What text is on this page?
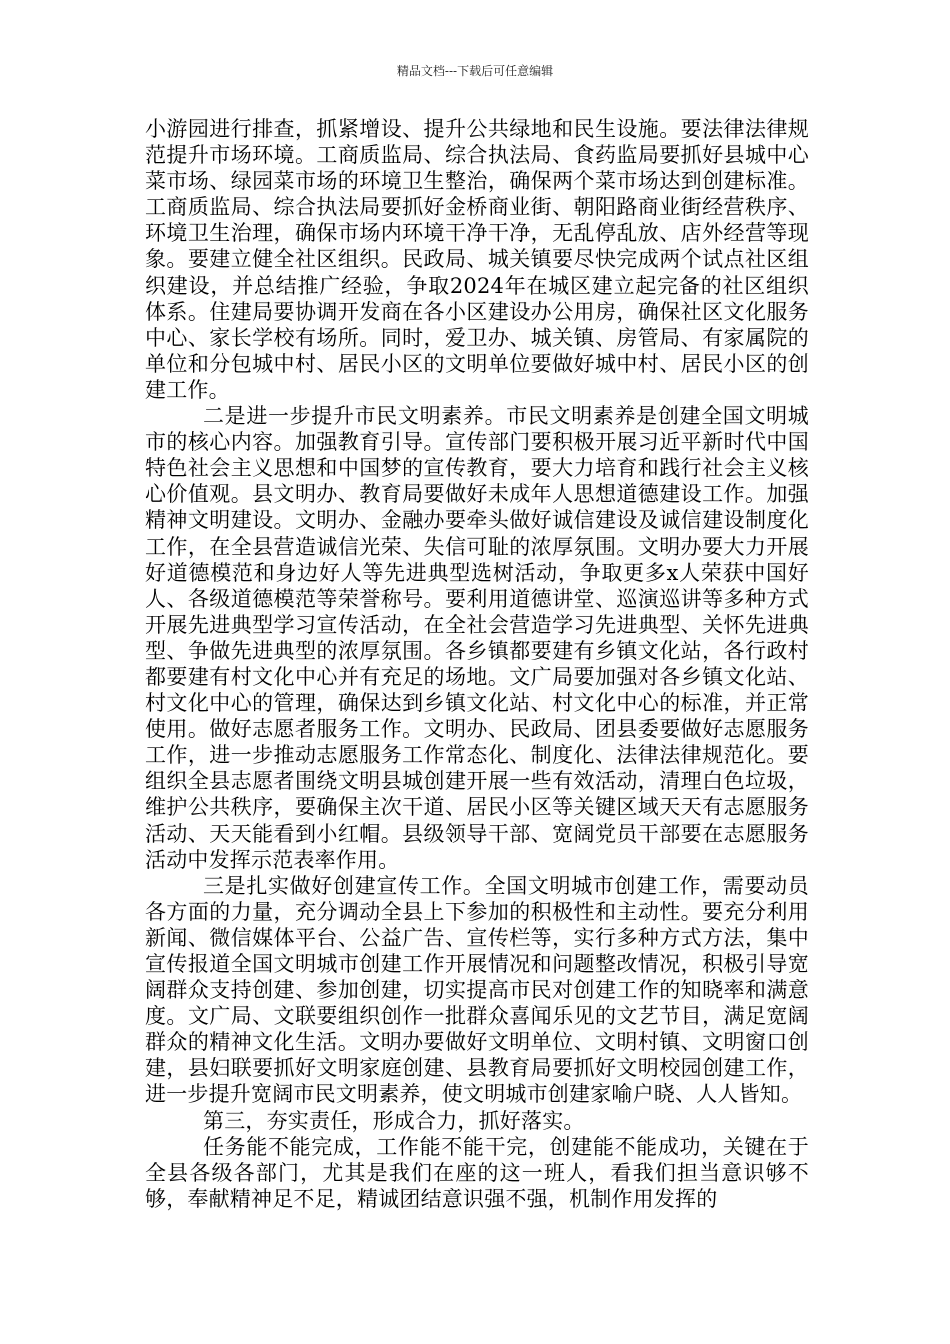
精品文档---下载后可任意编辑

小游园进行排查，抓紧增设、提升公共绿地和民生设施。要法律法律规范提升市场环境。工商质监局、综合执法局、食药监局要抓好县城中心菜市场、绿园菜市场的环境卫生整治，确保两个菜市场达到创建标准。工商质监局、综合执法局要抓好金桥商业街、朝阳路商业街经营秩序、环境卫生治理，确保市场内环境干净干净，无乱停乱放、店外经营等现象。要建立健全社区组织。民政局、城关镇要尽快完成两个试点社区组织建设，并总结推广经验，争取2024年在城区建立起完备的社区组织体系。住建局要协调开发商在各小区建设办公用房，确保社区文化服务中心、家长学校有场所。同时，爱卫办、城关镇、房管局、有家属院的单位和分包城中村、居民小区的文明单位要做好城中村、居民小区的创建工作。

二是进一步提升市民文明素养。市民文明素养是创建全国文明城市的核心内容。加强教育引导。宣传部门要积极开展习近平新时代中国特色社会主义思想和中国梦的宣传教育，要大力培育和践行社会主义核心价值观。县文明办、教育局要做好未成年人思想道德建设工作。加强精神文明建设。文明办、金融办要牵头做好诚信建设及诚信建设制度化工作，在全县营造诚信光荣、失信可耻的浓厚氛围。文明办要大力开展好道德模范和身边好人等先进典型选树活动，争取更多x人荣获中国好人、各级道德模范等荣誉称号。要利用道德讲堂、巡演巡讲等多种方式开展先进典型学习宣传活动，在全社会营造学习先进典型、关怀先进典型、争做先进典型的浓厚氛围。各乡镇都要建有乡镇文化站，各行政村都要建有村文化中心并有充足的场地。文广局要加强对各乡镇文化站、村文化中心的管理，确保达到乡镇文化站、村文化中心的标准，并正常使用。做好志愿者服务工作。文明办、民政局、团县委要做好志愿服务工作，进一步推动志愿服务工作常态化、制度化、法律法律规范化。要组织全县志愿者围绕文明县城创建开展一些有效活动，清理白色垃圾，维护公共秩序，要确保主次干道、居民小区等关键区域天天有志愿服务活动、天天能看到小红帽。县级领导干部、宽阔党员干部要在志愿服务活动中发挥示范表率作用。

三是扎实做好创建宣传工作。全国文明城市创建工作，需要动员各方面的力量，充分调动全县上下参加的积极性和主动性。要充分利用新闻、微信媒体平台、公益广告、宣传栏等，实行多种方式方法，集中宣传报道全国文明城市创建工作开展情况和问题整改情况，积极引导宽阔群众支持创建、参加创建，切实提高市民对创建工作的知晓率和满意度。文广局、文联要组织创作一批群众喜闻乐见的文艺节目，满足宽阔群众的精神文化生活。文明办要做好文明单位、文明村镇、文明窗口创建，县妇联要抓好文明家庭创建、县教育局要抓好文明校园创建工作，进一步提升宽阔市民文明素养，使文明城市创建家喻户晓、人人皆知。

第三，夯实责任，形成合力，抓好落实。

任务能不能完成，工作能不能干完，创建能不能成功，关键在于全县各级各部门，尤其是我们在座的这一班人，看我们担当意识够不够，奉献精神足不足，精诚团结意识强不强，机制作用发挥的
